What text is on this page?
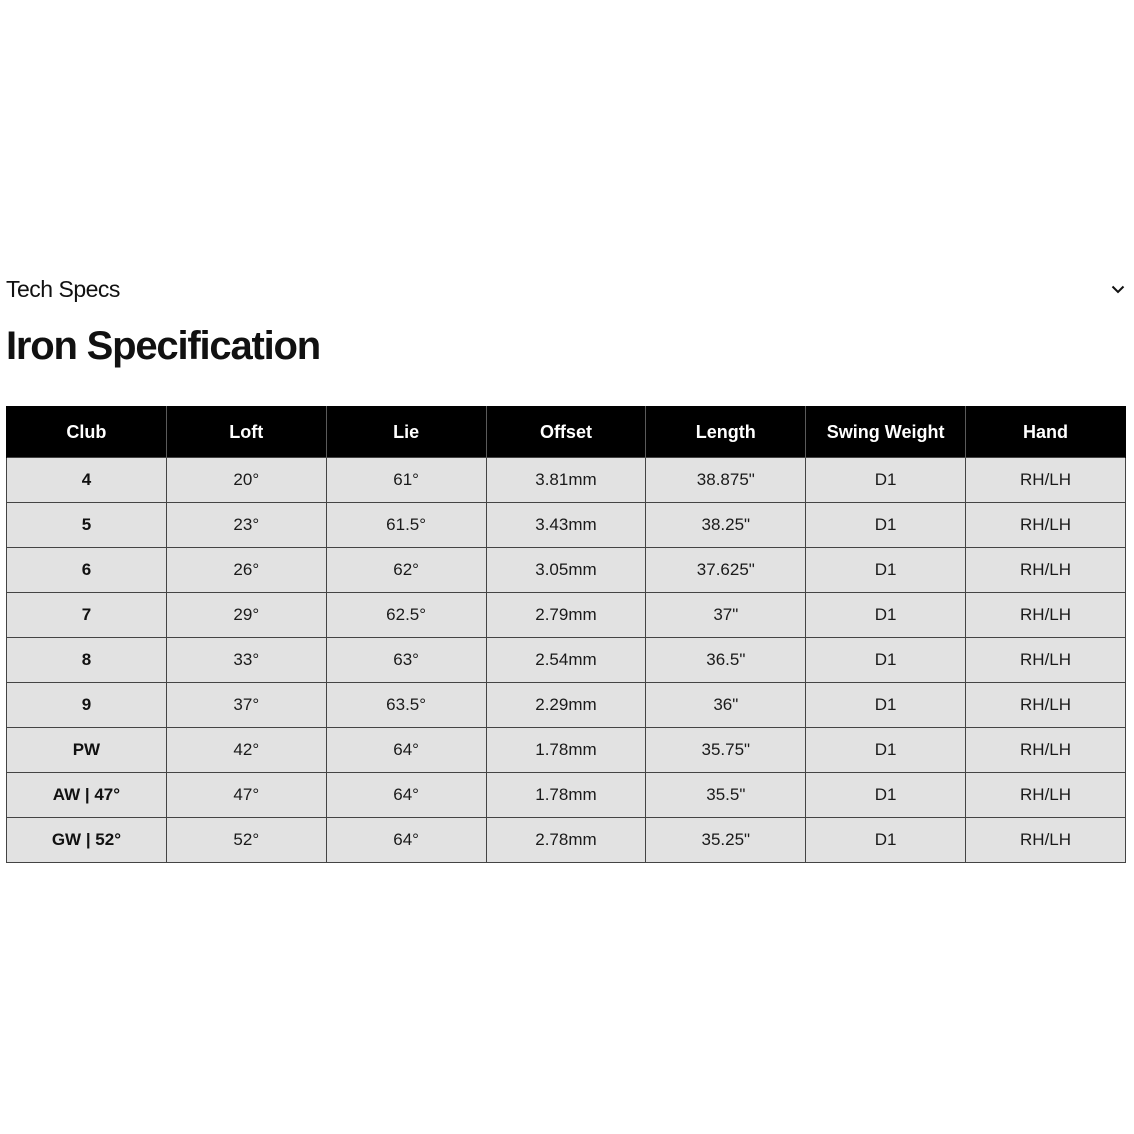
Tech Specs
Iron Specification
Club	Loft	Lie	Offset	Length	Swing Weight	Hand
4	20°	61°	3.81mm	38.875"	D1	RH/LH
5	23°	61.5°	3.43mm	38.25"	D1	RH/LH
6	26°	62°	3.05mm	37.625"	D1	RH/LH
7	29°	62.5°	2.79mm	37"	D1	RH/LH
8	33°	63°	2.54mm	36.5"	D1	RH/LH
9	37°	63.5°	2.29mm	36"	D1	RH/LH
PW	42°	64°	1.78mm	35.75"	D1	RH/LH
AW | 47°	47°	64°	1.78mm	35.5"	D1	RH/LH
GW | 52°	52°	64°	2.78mm	35.25"	D1	RH/LH
